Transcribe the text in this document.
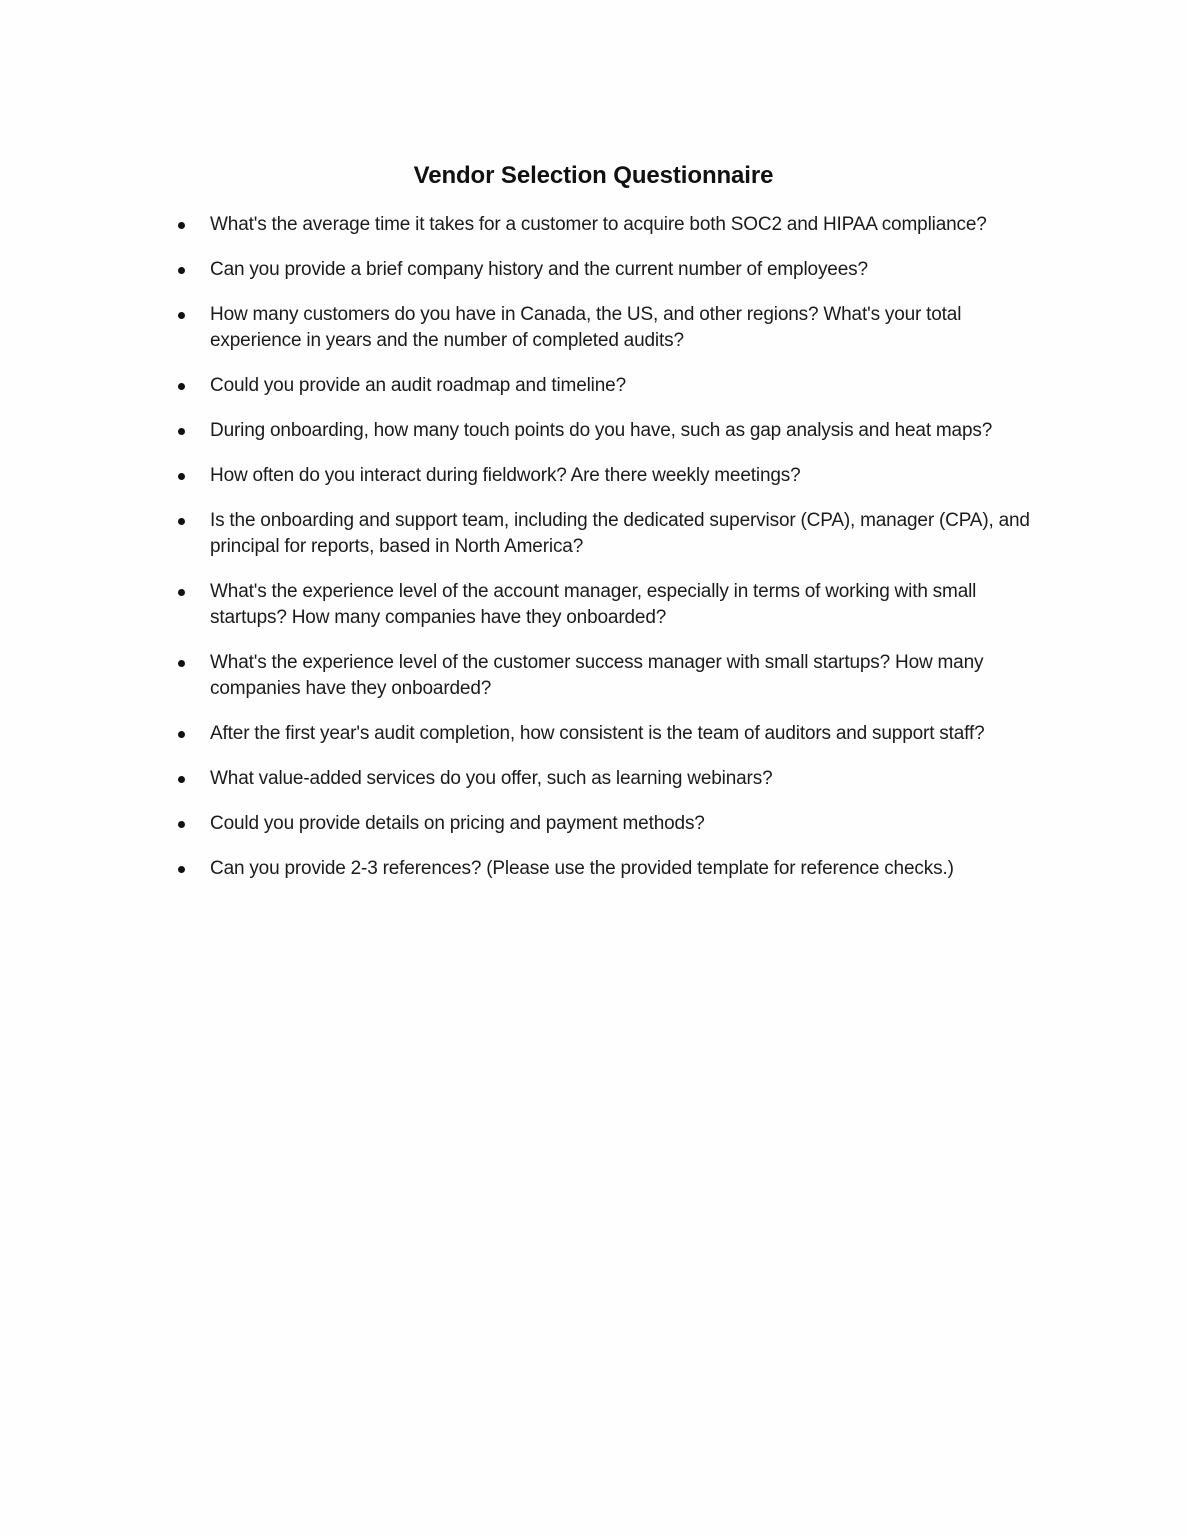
Vendor Selection Questionnaire
What's the average time it takes for a customer to acquire both SOC2 and HIPAA compliance?
Can you provide a brief company history and the current number of employees?
How many customers do you have in Canada, the US, and other regions? What's your total experience in years and the number of completed audits?
Could you provide an audit roadmap and timeline?
During onboarding, how many touch points do you have, such as gap analysis and heat maps?
How often do you interact during fieldwork? Are there weekly meetings?
Is the onboarding and support team, including the dedicated supervisor (CPA), manager (CPA), and principal for reports, based in North America?
What's the experience level of the account manager, especially in terms of working with small startups? How many companies have they onboarded?
What's the experience level of the customer success manager with small startups? How many companies have they onboarded?
After the first year's audit completion, how consistent is the team of auditors and support staff?
What value-added services do you offer, such as learning webinars?
Could you provide details on pricing and payment methods?
Can you provide 2-3 references? (Please use the provided template for reference checks.)
